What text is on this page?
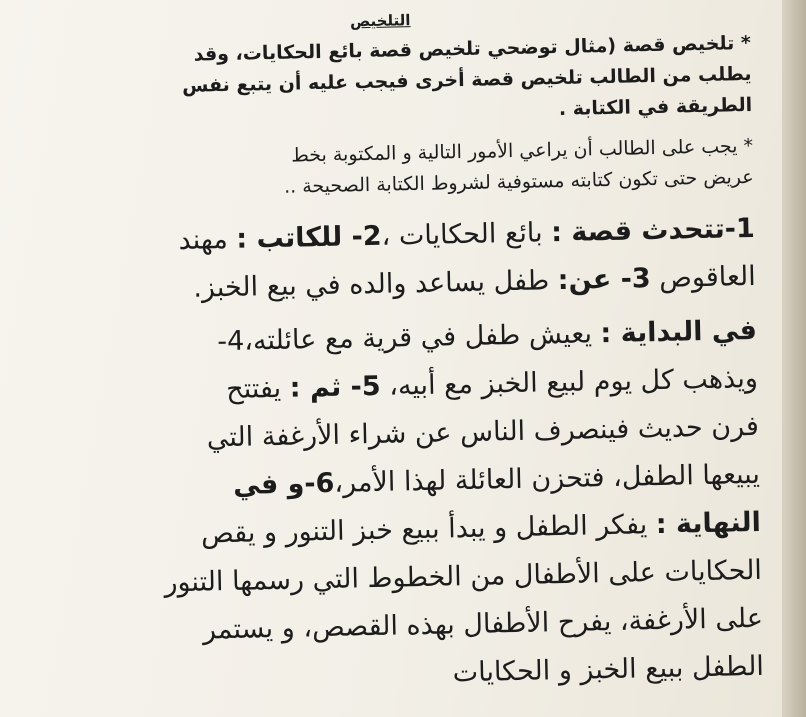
التلخيص
* تلخيص قصة (مثال توضحي تلخيص قصة بائع الحكايات، وقد
يطلب من الطالب تلخيص قصة أخرى فيجب عليه أن يتبع نفس
الطريقة في الكتابة .
* يجب على الطالب أن يراعي الأمور التالية و المكتوبة بخط
عريض حتى تكون كتابته مستوفية لشروط الكتابة الصحيحة ..
1-تتحدث قصة : بائع الحكايات ،2- للكاتب : مهند
العاقوص 3- عن: طفل يساعد والده في بيع الخبز.
في البداية : يعيش طفل في قرية مع عائلته،4-
ويذهب كل يوم لبيع الخبز مع أبيه، 5- ثم : يفتتح
فرن حديث فينصرف الناس عن شراء الأرغفة التي
يبيعها الطفل، فتحزن العائلة لهذا الأمر،6-و في
النهاية : يفكر الطفل و يبدأ ببيع خبز التنور و يقص
الحكايات على الأطفال من الخطوط التي رسمها التنور
على الأرغفة، يفرح الأطفال بهذه القصص، و يستمر
الطفل ببيع الخبز و الحكايات
